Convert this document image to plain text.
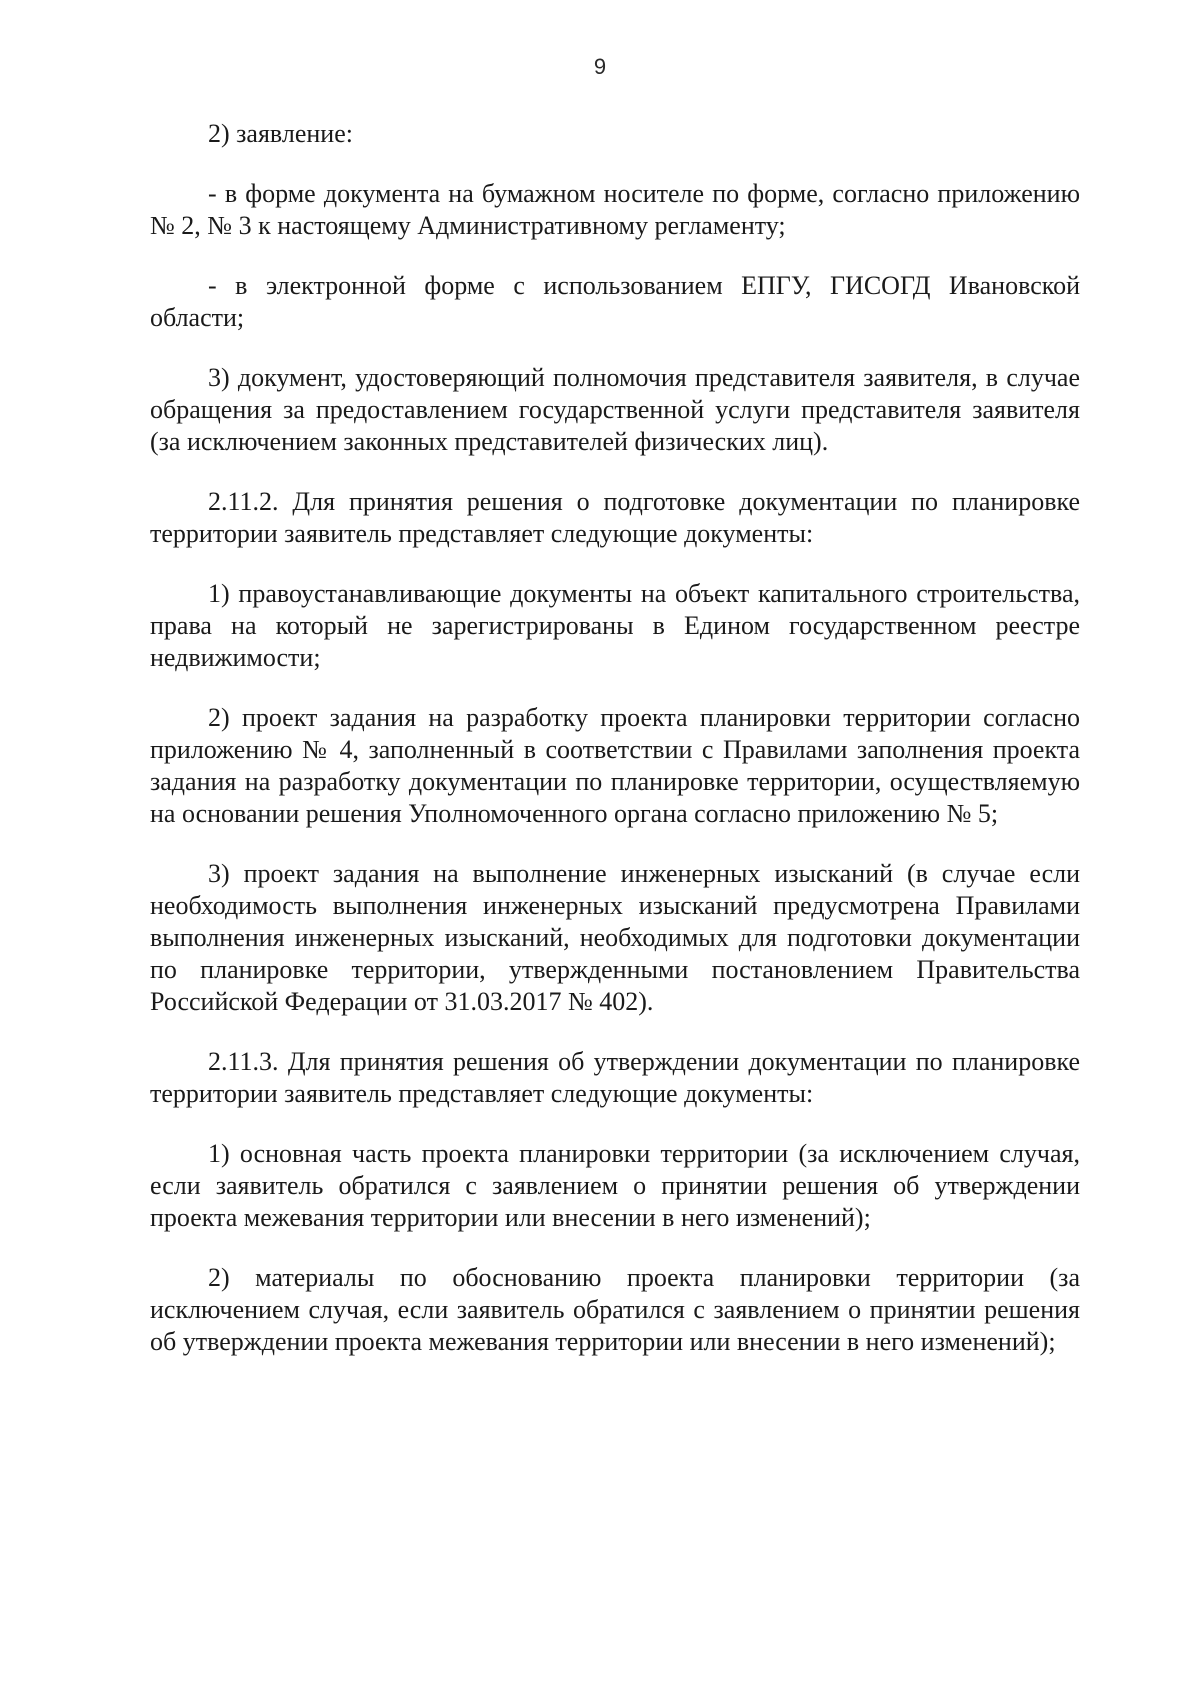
9

2) заявление:

- в форме документа на бумажном носителе по форме, согласно приложению № 2, № 3 к настоящему Административному регламенту;

- в электронной форме с использованием ЕПГУ, ГИСОГД Ивановской области;

3) документ, удостоверяющий полномочия представителя заявителя, в случае обращения за предоставлением государственной услуги представителя заявителя (за исключением законных представителей физических лиц).

2.11.2. Для принятия решения о подготовке документации по планировке территории заявитель представляет следующие документы:

1) правоустанавливающие документы на объект капитального строительства, права на который не зарегистрированы в Едином государственном реестре недвижимости;

2) проект задания на разработку проекта планировки территории согласно приложению № 4, заполненный в соответствии с Правилами заполнения проекта задания на разработку документации по планировке территории, осуществляемую на основании решения Уполномоченного органа согласно приложению № 5;

3) проект задания на выполнение инженерных изысканий (в случае если необходимость выполнения инженерных изысканий предусмотрена Правилами выполнения инженерных изысканий, необходимых для подготовки документации по планировке территории, утвержденными постановлением Правительства Российской Федерации от 31.03.2017 № 402).

2.11.3. Для принятия решения об утверждении документации по планировке территории заявитель представляет следующие документы:

1) основная часть проекта планировки территории (за исключением случая, если заявитель обратился с заявлением о принятии решения об утверждении проекта межевания территории или внесении в него изменений);

2) материалы по обоснованию проекта планировки территории (за исключением случая, если заявитель обратился с заявлением о принятии решения об утверждении проекта межевания территории или внесении в него изменений);
